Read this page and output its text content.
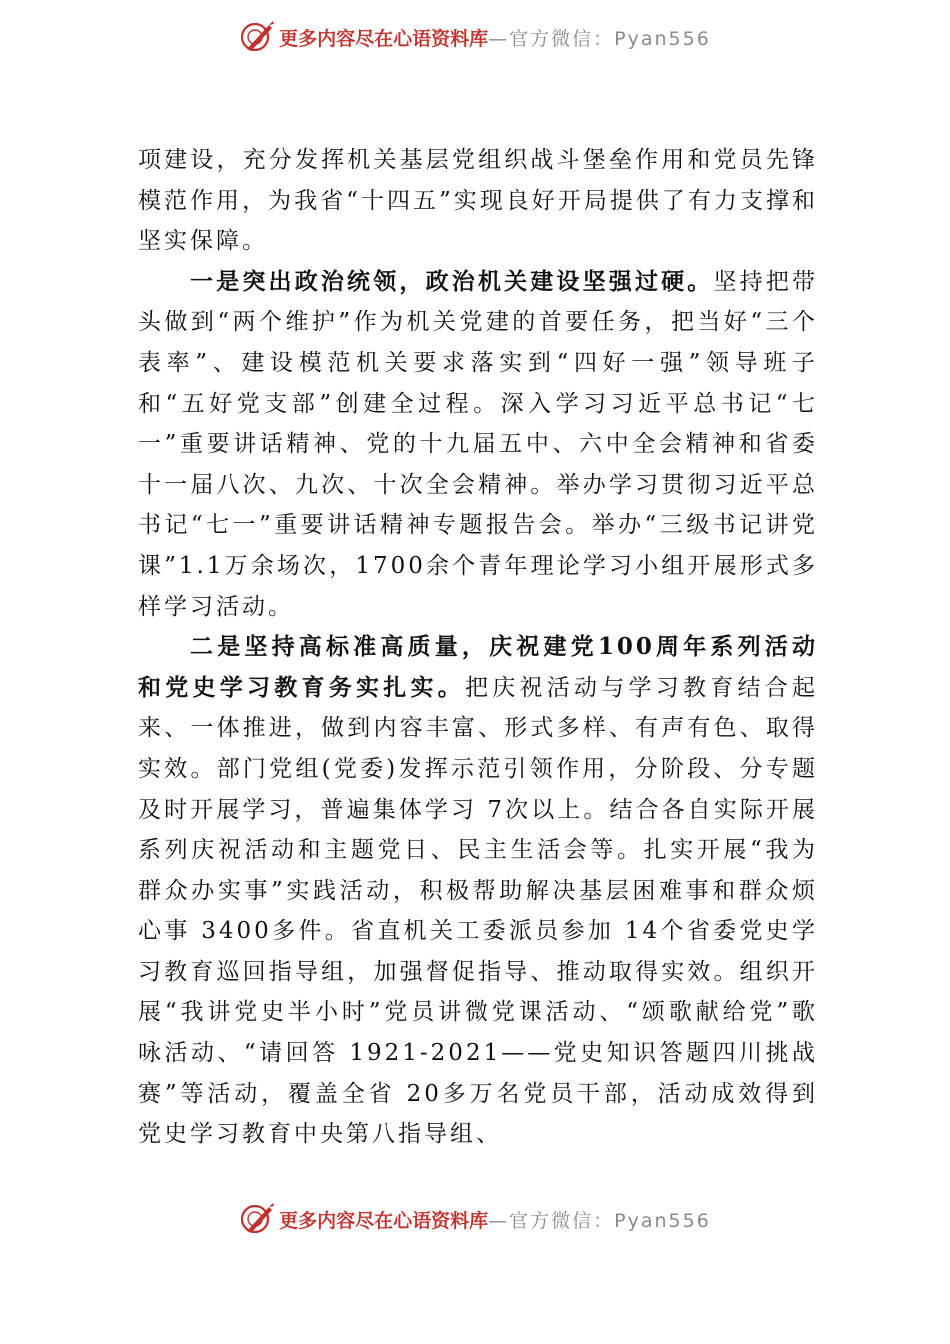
更多内容尽在心语资料库—官方微信：Pyan556

项建设，充分发挥机关基层党组织战斗堡垒作用和党员先锋模范作用，为我省“十四五”实现良好开局提供了有力支撑和坚实保障。

一是突出政治统领，政治机关建设坚强过硬。坚持把带头做到“两个维护”作为机关党建的首要任务，把当好“三个表率”、建设模范机关要求落实到“四好一强”领导班子和“五好党支部”创建全过程。深入学习习近平总书记“七一”重要讲话精神、党的十九届五中、六中全会精神和省委十一届八次、九次、十次全会精神。举办学习贯彻习近平总书记“七一”重要讲话精神专题报告会。举办“三级书记讲党课”1.1万余场次，1700余个青年理论学习小组开展形式多样学习活动。

二是坚持高标准高质量，庆祝建党100周年系列活动和党史学习教育务实扎实。把庆祝活动与学习教育结合起来、一体推进，做到内容丰富、形式多样、有声有色、取得实效。部门党组(党委)发挥示范引领作用，分阶段、分专题及时开展学习，普遍集体学习 7次以上。结合各自实际开展系列庆祝活动和主题党日、民主生活会等。扎实开展“我为群众办实事”实践活动，积极帮助解决基层困难事和群众烦心事 3400多件。省直机关工委派员参加 14个省委党史学习教育巡回指导组，加强督促指导、推动取得实效。组织开展“我讲党史半小时”党员讲微党课活动、“颂歌献给党”歌咏活动、“请回答 1921-2021——党史知识答题四川挑战赛”等活动，覆盖全省 20多万名党员干部，活动成效得到党史学习教育中央第八指导组、

更多内容尽在心语资料库—官方微信：Pyan556
